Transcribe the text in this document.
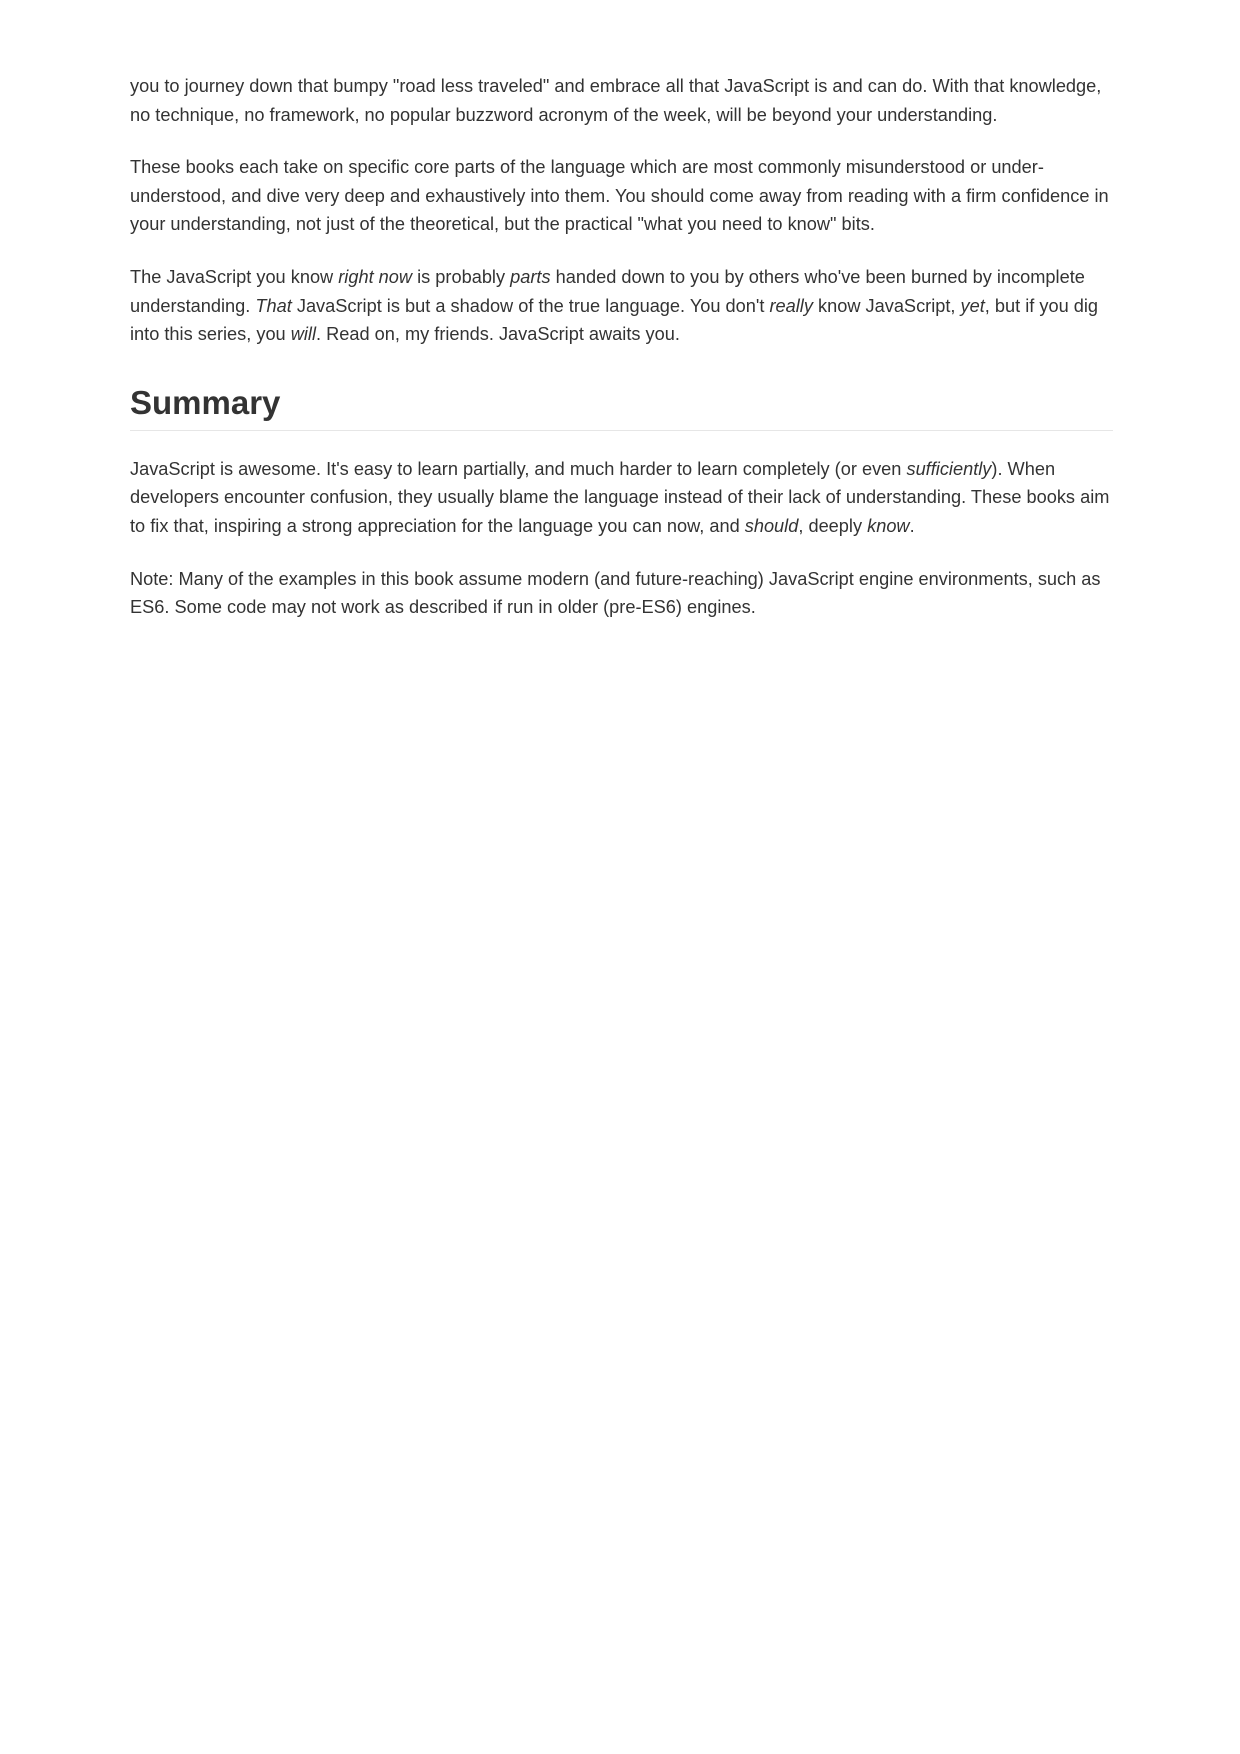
you to journey down that bumpy "road less traveled" and embrace all that JavaScript is and can do. With that knowledge, no technique, no framework, no popular buzzword acronym of the week, will be beyond your understanding.

These books each take on specific core parts of the language which are most commonly misunderstood or under-understood, and dive very deep and exhaustively into them. You should come away from reading with a firm confidence in your understanding, not just of the theoretical, but the practical "what you need to know" bits.

The JavaScript you know right now is probably parts handed down to you by others who've been burned by incomplete understanding. That JavaScript is but a shadow of the true language. You don't really know JavaScript, yet, but if you dig into this series, you will. Read on, my friends. JavaScript awaits you.

Summary

JavaScript is awesome. It's easy to learn partially, and much harder to learn completely (or even sufficiently). When developers encounter confusion, they usually blame the language instead of their lack of understanding. These books aim to fix that, inspiring a strong appreciation for the language you can now, and should, deeply know.

Note: Many of the examples in this book assume modern (and future-reaching) JavaScript engine environments, such as ES6. Some code may not work as described if run in older (pre-ES6) engines.
